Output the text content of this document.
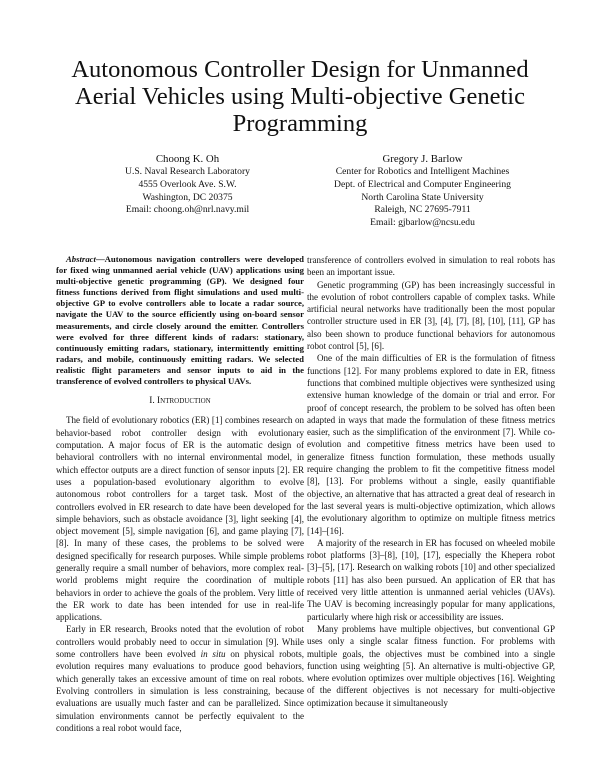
Autonomous Controller Design for Unmanned Aerial Vehicles using Multi-objective Genetic Programming
Choong K. Oh
U.S. Naval Research Laboratory
4555 Overlook Ave. S.W.
Washington, DC 20375
Email: choong.oh@nrl.navy.mil
Gregory J. Barlow
Center for Robotics and Intelligent Machines
Dept. of Electrical and Computer Engineering
North Carolina State University
Raleigh, NC 27695-7911
Email: gjbarlow@ncsu.edu

Abstract—Autonomous navigation controllers were developed for fixed wing unmanned aerial vehicle (UAV) applications using multi-objective genetic programming (GP). We designed four fitness functions derived from flight simulations and used multi-objective GP to evolve controllers able to locate a radar source, navigate the UAV to the source efficiently using on-board sensor measurements, and circle closely around the emitter. Controllers were evolved for three different kinds of radars: stationary, continuously emitting radars, stationary, intermittently emitting radars, and mobile, continuously emitting radars. We selected realistic flight parameters and sensor inputs to aid in the transference of evolved controllers to physical UAVs.

I. Introduction

The field of evolutionary robotics (ER) [1] combines research on behavior-based robot controller design with evolutionary computation. A major focus of ER is the automatic design of behavioral controllers with no internal environmental model, in which effector outputs are a direct function of sensor inputs [2]. ER uses a population-based evolutionary algorithm to evolve autonomous robot controllers for a target task. Most of the controllers evolved in ER research to date have been developed for simple behaviors, such as obstacle avoidance [3], light seeking [4], object movement [5], simple navigation [6], and game playing [7], [8]. In many of these cases, the problems to be solved were designed specifically for research purposes. While simple problems generally require a small number of behaviors, more complex real-world problems might require the coordination of multiple behaviors in order to achieve the goals of the problem. Very little of the ER work to date has been intended for use in real-life applications.

Early in ER research, Brooks noted that the evolution of robot controllers would probably need to occur in simulation [9]. While some controllers have been evolved in situ on physical robots, evolution requires many evaluations to produce good behaviors, which generally takes an excessive amount of time on real robots. Evolving controllers in simulation is less constraining, because evaluations are usually much faster and can be parallelized. Since simulation environments cannot be perfectly equivalent to the conditions a real robot would face,

transference of controllers evolved in simulation to real robots has been an important issue.

Genetic programming (GP) has been increasingly successful in the evolution of robot controllers capable of complex tasks. While artificial neural networks have traditionally been the most popular controller structure used in ER [3], [4], [7], [8], [10], [11], GP has also been shown to produce functional behaviors for autonomous robot control [5], [6].

One of the main difficulties of ER is the formulation of fitness functions [12]. For many problems explored to date in ER, fitness functions that combined multiple objectives were synthesized using extensive human knowledge of the domain or trial and error. For proof of concept research, the problem to be solved has often been adapted in ways that made the formulation of these fitness metrics easier, such as the simplification of the environment [7]. While co-evolution and competitive fitness metrics have been used to generalize fitness function formulation, these methods usually require changing the problem to fit the competitive fitness model [8], [13]. For problems without a single, easily quantifiable objective, an alternative that has attracted a great deal of research in the last several years is multi-objective optimization, which allows the evolutionary algorithm to optimize on multiple fitness metrics [14]–[16].

A majority of the research in ER has focused on wheeled mobile robot platforms [3]–[8], [10], [17], especially the Khepera robot [3]–[5], [17]. Research on walking robots [10] and other specialized robots [11] has also been pursued. An application of ER that has received very little attention is unmanned aerial vehicles (UAVs). The UAV is becoming increasingly popular for many applications, particularly where high risk or accessibility are issues.

Many problems have multiple objectives, but conventional GP uses only a single scalar fitness function. For problems with multiple goals, the objectives must be combined into a single function using weighting [5]. An alternative is multi-objective GP, where evolution optimizes over multiple objectives [16]. Weighting of the different objectives is not necessary for multi-objective optimization because it simultaneously
